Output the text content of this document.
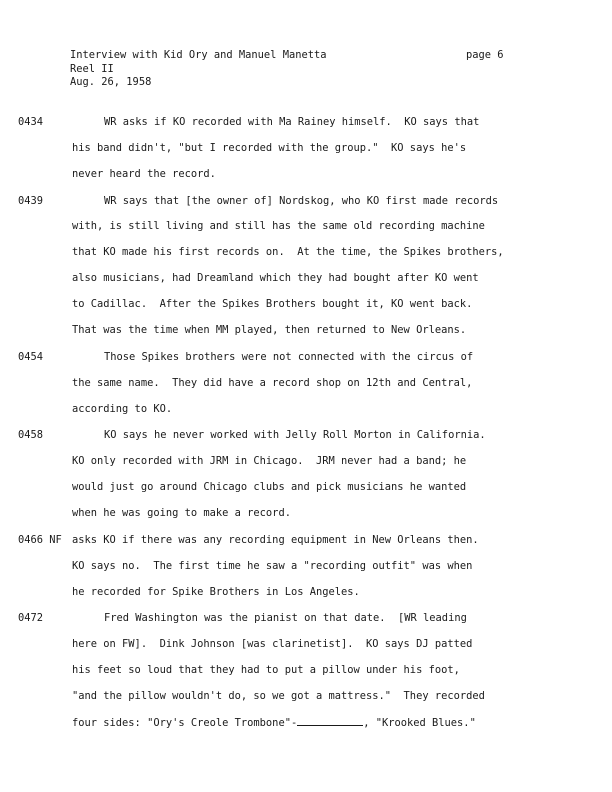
Interview with Kid Ory and Manuel Manetta	page 6
Reel II
Aug. 26, 1958
0434	WR asks if KO recorded with Ma Rainey himself.  KO says that
his band didn't, "but I recorded with the group."  KO says he's
never heard the record.
0439	WR says that [the owner of] Nordskog, who KO first made records
with, is still living and still has the same old recording machine
that KO made his first records on.  At the time, the Spikes brothers,
also musicians, had Dreamland which they had bought after KO went
to Cadillac.  After the Spikes Brothers bought it, KO went back.
That was the time when MM played, then returned to New Orleans.
0454	Those Spikes brothers were not connected with the circus of
the same name.  They did have a record shop on 12th and Central,
according to KO.
0458	KO says he never worked with Jelly Roll Morton in California.
KO only recorded with JRM in Chicago.  JRM never had a band; he
would just go around Chicago clubs and pick musicians he wanted
when he was going to make a record.
0466 NF asks KO if there was any recording equipment in New Orleans then.
KO says no.  The first time he saw a "recording outfit" was when
he recorded for Spike Brothers in Los Angeles.
0472	Fred Washington was the pianist on that date.  [WR leading
here on FW].  Dink Johnson [was clarinetist].  KO says DJ patted
his feet so loud that they had to put a pillow under his foot,
"and the pillow wouldn't do, so we got a mattress."  They recorded
four sides: "Ory's Creole Trombone"-	, "Krooked Blues."
